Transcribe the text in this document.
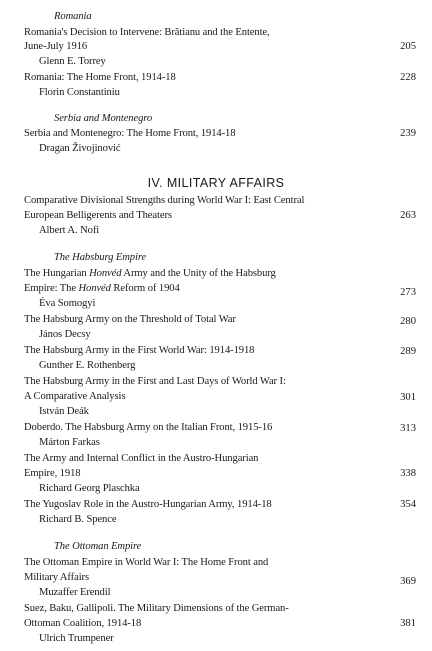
Romania
Romania's Decision to Intervene: Brătianu and the Entente,
June-July 1916	205
Glenn E. Torrey
Romania: The Home Front, 1914-18	228
Florin Constantiniu
Serbia and Montenegro
Serbia and Montenegro: The Home Front, 1914-18	239
Dragan Živojinović
IV. MILITARY AFFAIRS
Comparative Divisional Strengths during World War I: East Central
European Belligerents and Theaters	263
Albert A. Nofi
The Habsburg Empire
The Hungarian Honvéd Army and the Unity of the Habsburg
Empire: The Honvéd Reform of 1904	273
Éva Somogyi
The Habsburg Army on the Threshold of Total War	280
János Decsy
The Habsburg Army in the First World War: 1914-1918	289
Gunther E. Rothenberg
The Habsburg Army in the First and Last Days of World War I:
A Comparative Analysis	301
István Deák
Doberdo. The Habsburg Army on the Italian Front, 1915-16	313
Márton Farkas
The Army and Internal Conflict in the Austro-Hungarian
Empire, 1918	338
Richard Georg Plaschka
The Yugoslav Role in the Austro-Hungarian Army, 1914-18	354
Richard B. Spence
The Ottoman Empire
The Ottoman Empire in World War I: The Home Front and
Military Affairs	369
Muzaffer Erendil
Suez, Baku, Gallipoli. The Military Dimensions of the German-
Ottoman Coalition, 1914-18	381
Ulrich Trumpener
